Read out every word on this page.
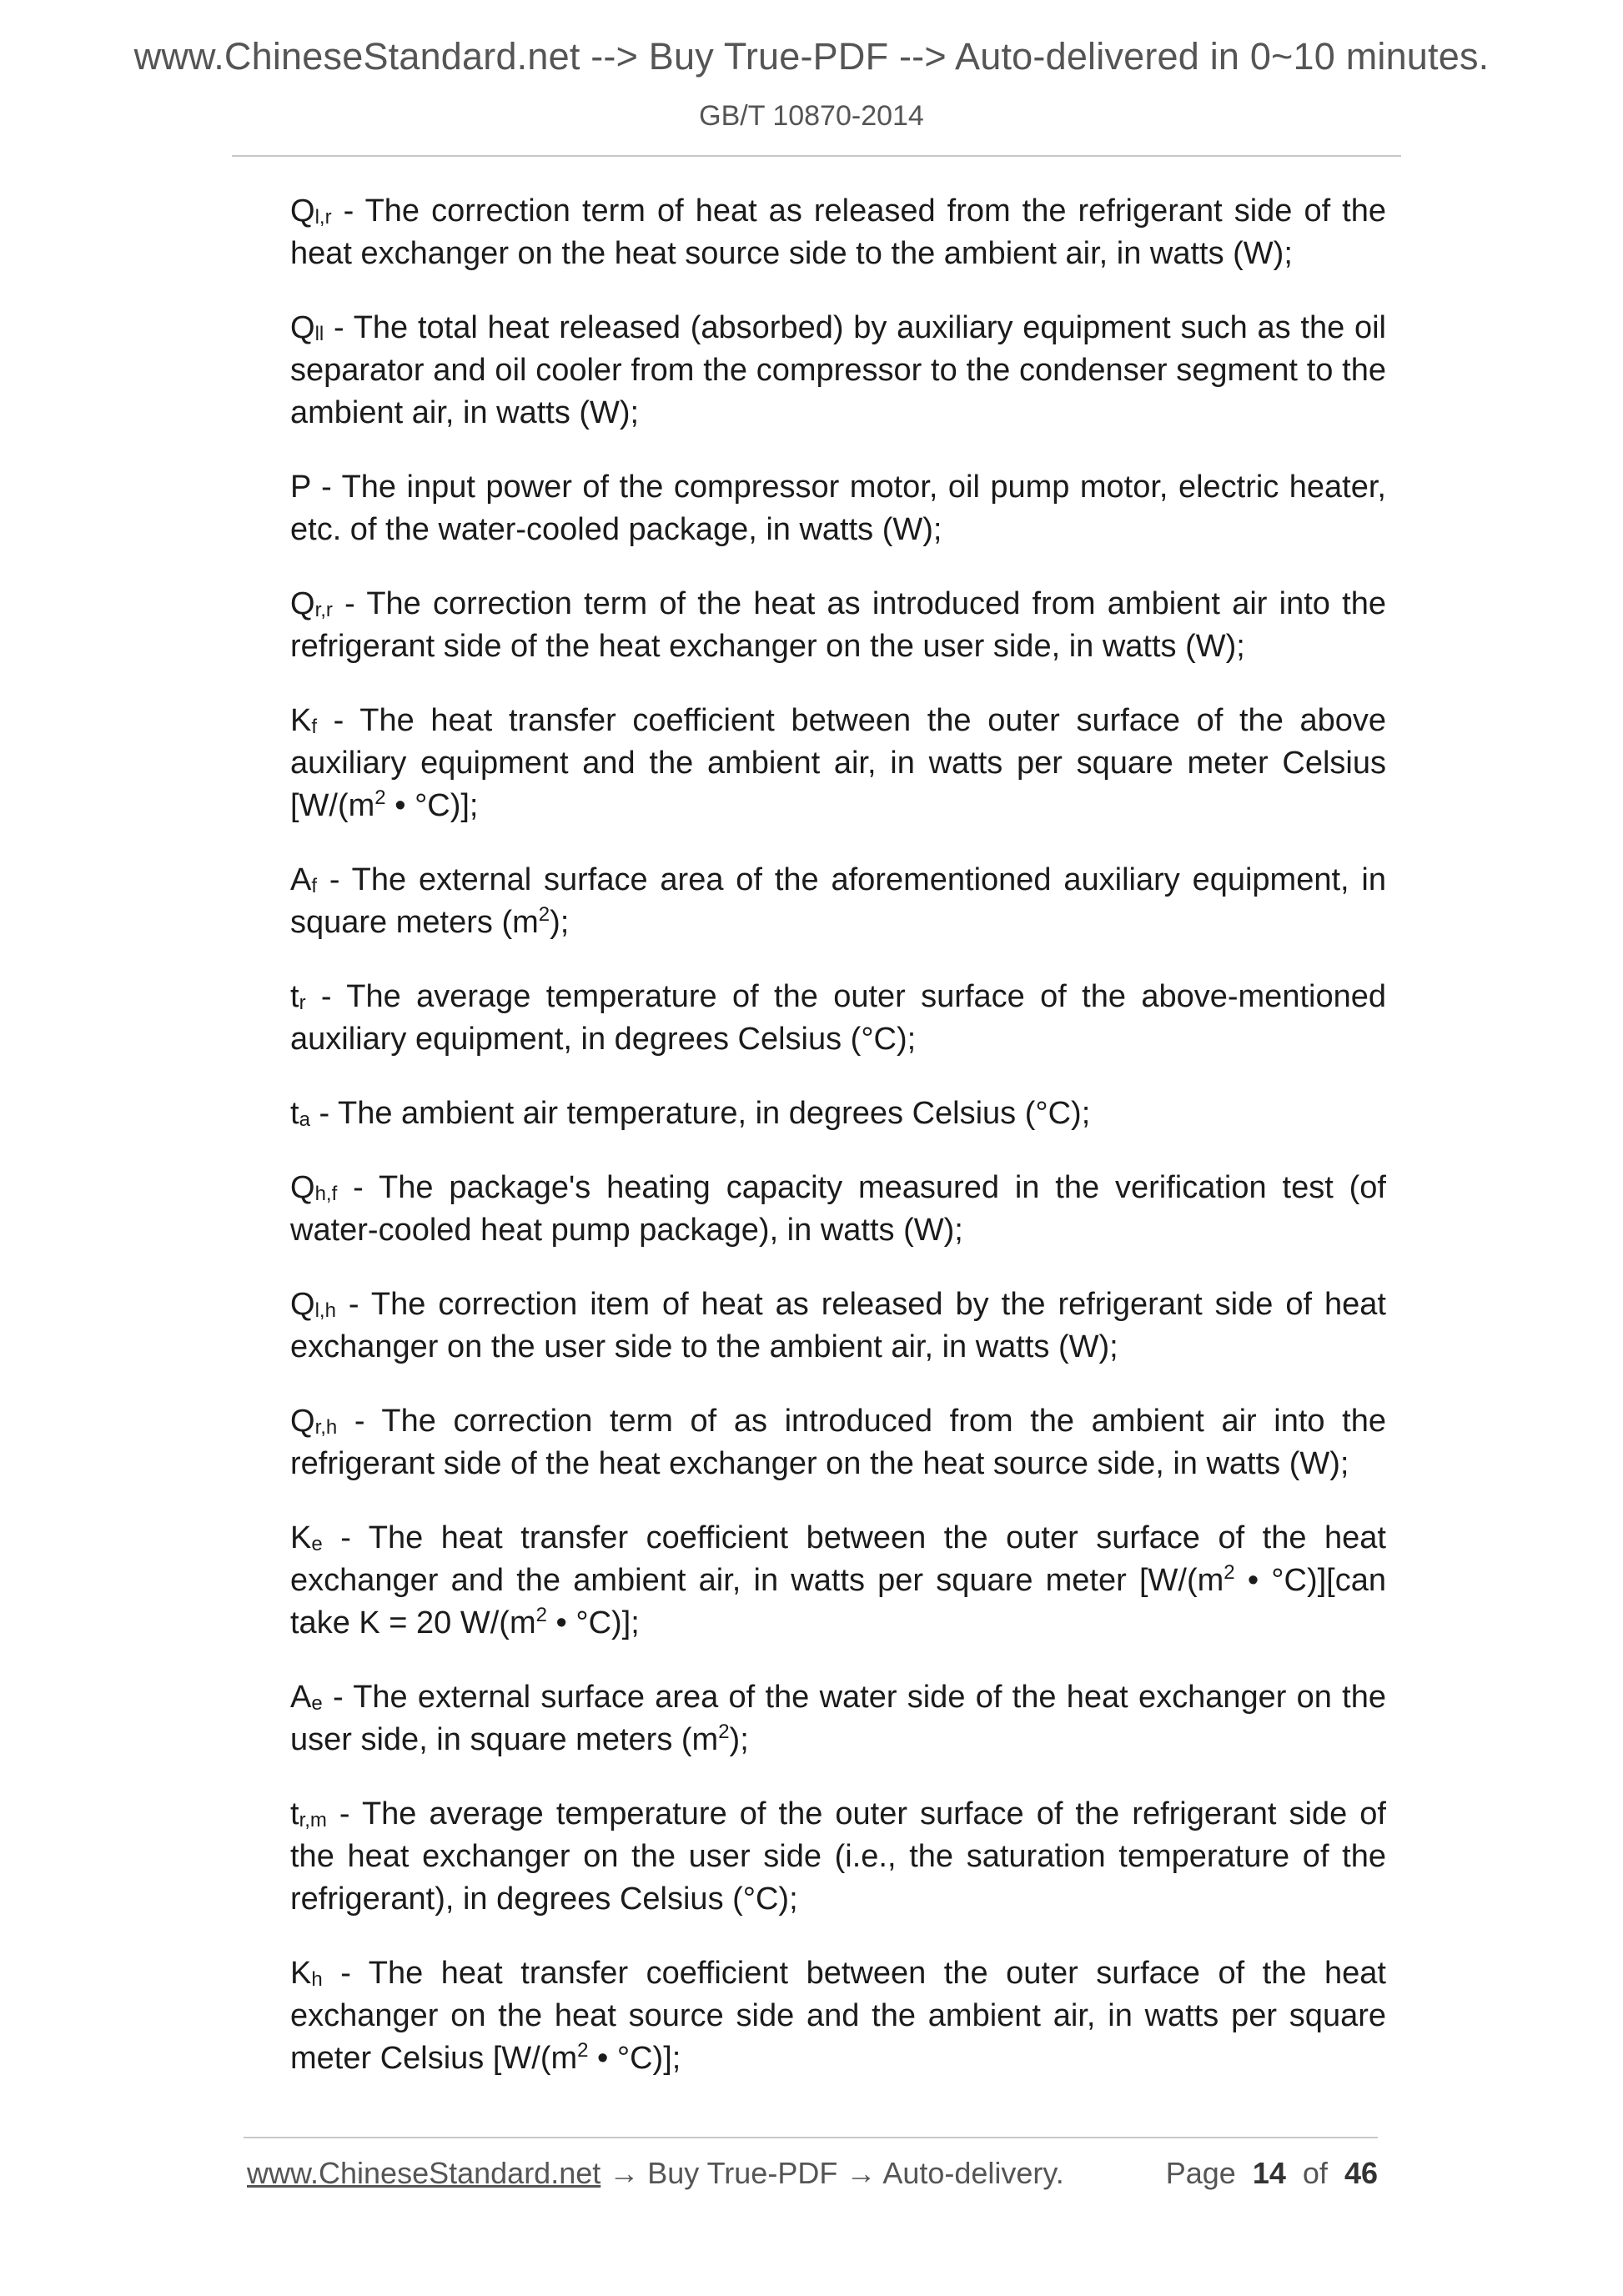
www.ChineseStandard.net --> Buy True-PDF --> Auto-delivered in 0~10 minutes.
GB/T 10870-2014

Ql,r - The correction term of heat as released from the refrigerant side of the heat exchanger on the heat source side to the ambient air, in watts (W);

Qll - The total heat released (absorbed) by auxiliary equipment such as the oil separator and oil cooler from the compressor to the condenser segment to the ambient air, in watts (W);

P - The input power of the compressor motor, oil pump motor, electric heater, etc. of the water-cooled package, in watts (W);

Qr,r - The correction term of the heat as introduced from ambient air into the refrigerant side of the heat exchanger on the user side, in watts (W);

Kf - The heat transfer coefficient between the outer surface of the above auxiliary equipment and the ambient air, in watts per square meter Celsius [$W/(m^2$ • °C)];

Af - The external surface area of the aforementioned auxiliary equipment, in square meters $(m^2)$;

tr - The average temperature of the outer surface of the above-mentioned auxiliary equipment, in degrees Celsius (°C);

ta - The ambient air temperature, in degrees Celsius (°C);

Qh,f - The package's heating capacity measured in the verification test (of water-cooled heat pump package), in watts (W);

Ql,h - The correction item of heat as released by the refrigerant side of heat exchanger on the user side to the ambient air, in watts (W);

Qr,h - The correction term of as introduced from the ambient air into the refrigerant side of the heat exchanger on the heat source side, in watts (W);

Ke - The heat transfer coefficient between the outer surface of the heat exchanger and the ambient air, in watts per square meter [$W/(m^2$ • °C)][can take K = 20 $W/(m^2$ • °C)];

Ae - The external surface area of the water side of the heat exchanger on the user side, in square meters $(m^2)$;

tr,m - The average temperature of the outer surface of the refrigerant side of the heat exchanger on the user side (i.e., the saturation temperature of the refrigerant), in degrees Celsius (°C);

Kh - The heat transfer coefficient between the outer surface of the heat exchanger on the heat source side and the ambient air, in watts per square meter Celsius [$W/(m^2$ • °C)];

www.ChineseStandard.net → Buy True-PDF → Auto-delivery.	Page 14 of 46
